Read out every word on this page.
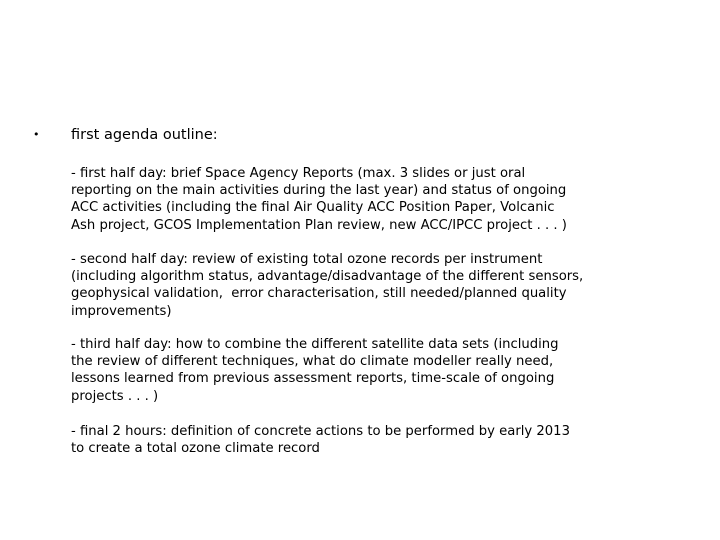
• first agenda outline:
- first half day: brief Space Agency Reports (max. 3 slides or just oral
reporting on the main activities during the last year) and status of ongoing
ACC activities (including the final Air Quality ACC Position Paper, Volcanic
Ash project, GCOS Implementation Plan review, new ACC/IPCC project . . . )
- second half day: review of existing total ozone records per instrument
(including algorithm status, advantage/disadvantage of the different sensors,
geophysical validation,  error characterisation, still needed/planned quality
improvements)
- third half day: how to combine the different satellite data sets (including
the review of different techniques, what do climate modeller really need,
lessons learned from previous assessment reports, time-scale of ongoing
projects . . . )
- final 2 hours: definition of concrete actions to be performed by early 2013
to create a total ozone climate record
